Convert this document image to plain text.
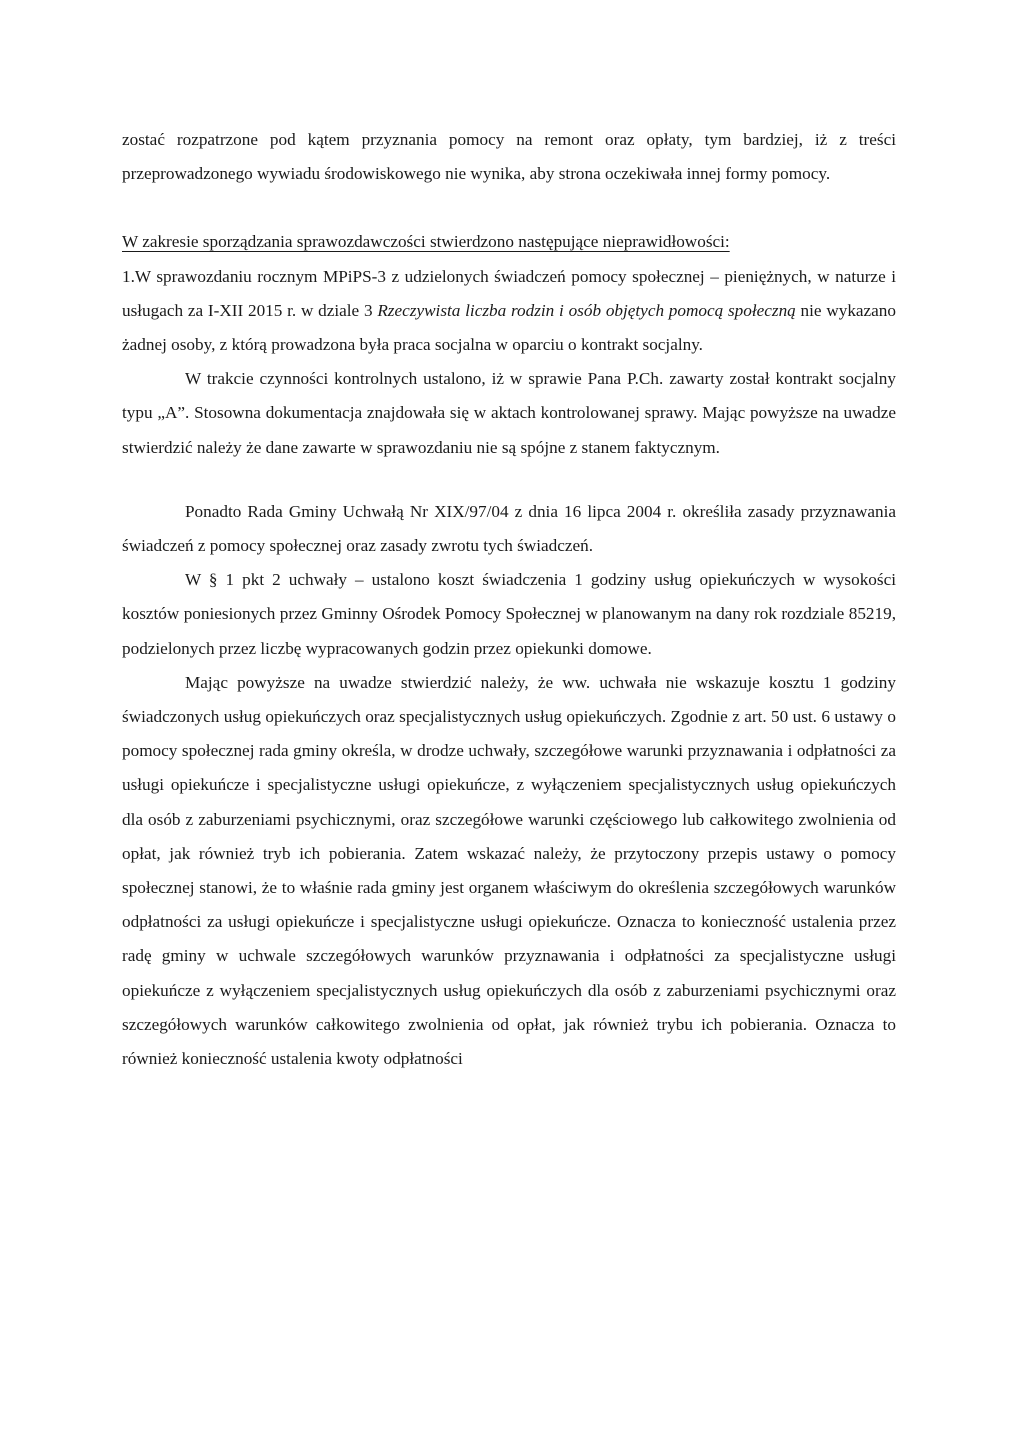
zostać rozpatrzone pod kątem przyznania pomocy na remont oraz opłaty, tym bardziej, iż z treści przeprowadzonego wywiadu środowiskowego nie wynika, aby strona oczekiwała innej formy pomocy.

W zakresie sporządzania sprawozdawczości stwierdzono następujące nieprawidłowości:

1.W sprawozdaniu rocznym MPiPS-3 z udzielonych świadczeń pomocy społecznej – pieniężnych, w naturze i usługach za I-XII 2015 r. w dziale 3 Rzeczywista liczba rodzin i osób objętych pomocą społeczną nie wykazano żadnej osoby, z którą prowadzona była praca socjalna w oparciu o kontrakt socjalny.

W trakcie czynności kontrolnych ustalono, iż w sprawie Pana P.Ch. zawarty został kontrakt socjalny typu „A”. Stosowna dokumentacja znajdowała się w aktach kontrolowanej sprawy. Mając powyższe na uwadze stwierdzić należy że dane zawarte w sprawozdaniu nie są spójne z stanem faktycznym.

Ponadto Rada Gminy Uchwałą Nr XIX/97/04 z dnia 16 lipca 2004 r. określiła zasady przyznawania świadczeń z pomocy społecznej oraz zasady zwrotu tych świadczeń.

W § 1 pkt 2 uchwały – ustalono koszt świadczenia 1 godziny usług opiekuńczych w wysokości kosztów poniesionych przez Gminny Ośrodek Pomocy Społecznej w planowanym na dany rok rozdziale 85219, podzielonych przez liczbę wypracowanych godzin przez opiekunki domowe.

Mając powyższe na uwadze stwierdzić należy, że ww. uchwała nie wskazuje kosztu 1 godziny świadczonych usług opiekuńczych oraz specjalistycznych usług opiekuńczych. Zgodnie z art. 50 ust. 6 ustawy o pomocy społecznej rada gminy określa, w drodze uchwały, szczegółowe warunki przyznawania i odpłatności za usługi opiekuńcze i specjalistyczne usługi opiekuńcze, z wyłączeniem specjalistycznych usług opiekuńczych dla osób z zaburzeniami psychicznymi, oraz szczegółowe warunki częściowego lub całkowitego zwolnienia od opłat, jak również tryb ich pobierania. Zatem wskazać należy, że przytoczony przepis ustawy o pomocy społecznej stanowi, że to właśnie rada gminy jest organem właściwym do określenia szczegółowych warunków odpłatności za usługi opiekuńcze i specjalistyczne usługi opiekuńcze. Oznacza to konieczność ustalenia przez radę gminy w uchwale szczegółowych warunków przyznawania i odpłatności za specjalistyczne usługi opiekuńcze z wyłączeniem specjalistycznych usług opiekuńczych dla osób z zaburzeniami psychicznymi oraz szczegółowych warunków całkowitego zwolnienia od opłat, jak również trybu ich pobierania. Oznacza to również konieczność ustalenia kwoty odpłatności
